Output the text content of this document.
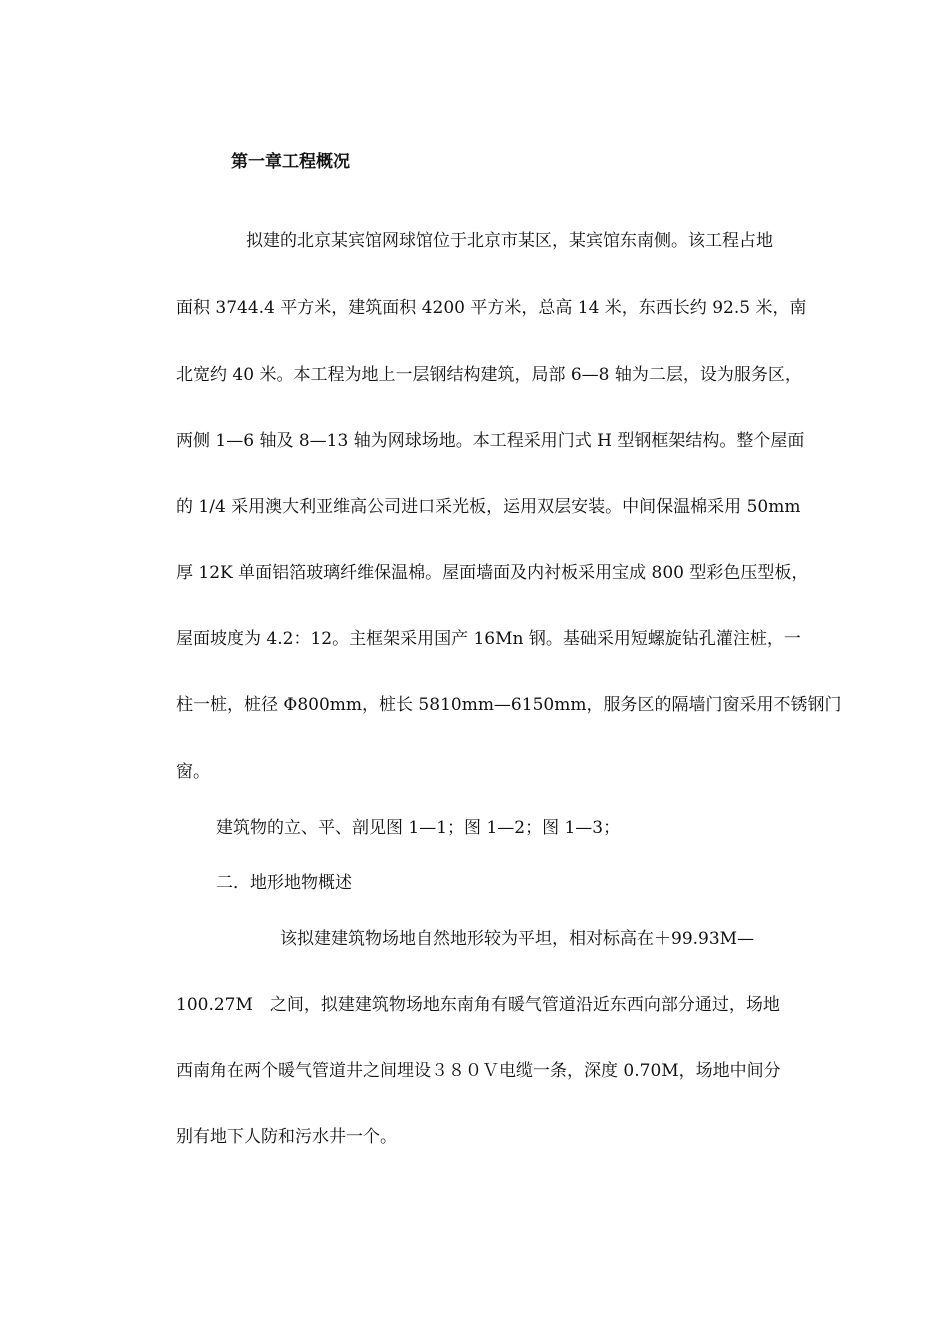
第一章工程概况
拟建的北京某宾馆网球馆位于北京市某区，某宾馆东南侧。该工程占地
面积 3744.4 平方米，建筑面积 4200 平方米，总高 14 米，东西长约 92.5 米，南
北宽约 40 米。本工程为地上一层钢结构建筑，局部 6—8 轴为二层，设为服务区，
两侧 1—6 轴及 8—13 轴为网球场地。本工程采用门式 H 型钢框架结构。整个屋面
的 1/4 采用澳大利亚维高公司进口采光板，运用双层安装。中间保温棉采用 50mm
厚 12K 单面铝箔玻璃纤维保温棉。屋面墙面及内衬板采用宝成 800 型彩色压型板，
屋面坡度为 4.2：12。主框架采用国产 16Mn 钢。基础采用短螺旋钻孔灌注桩，一
柱一桩，桩径 Φ800mm，桩长 5810mm—6150mm，服务区的隔墙门窗采用不锈钢门
窗。
建筑物的立、平、剖见图 1—1；图 1—2；图 1—3；
二．地形地物概述
该拟建建筑物场地自然地形较为平坦，相对标高在＋99.93M—
100.27M　之间，拟建建筑物场地东南角有暖气管道沿近东西向部分通过，场地
西南角在两个暖气管道井之间埋设３８０Ｖ电缆一条，深度 0.70M，场地中间分
别有地下人防和污水井一个。
